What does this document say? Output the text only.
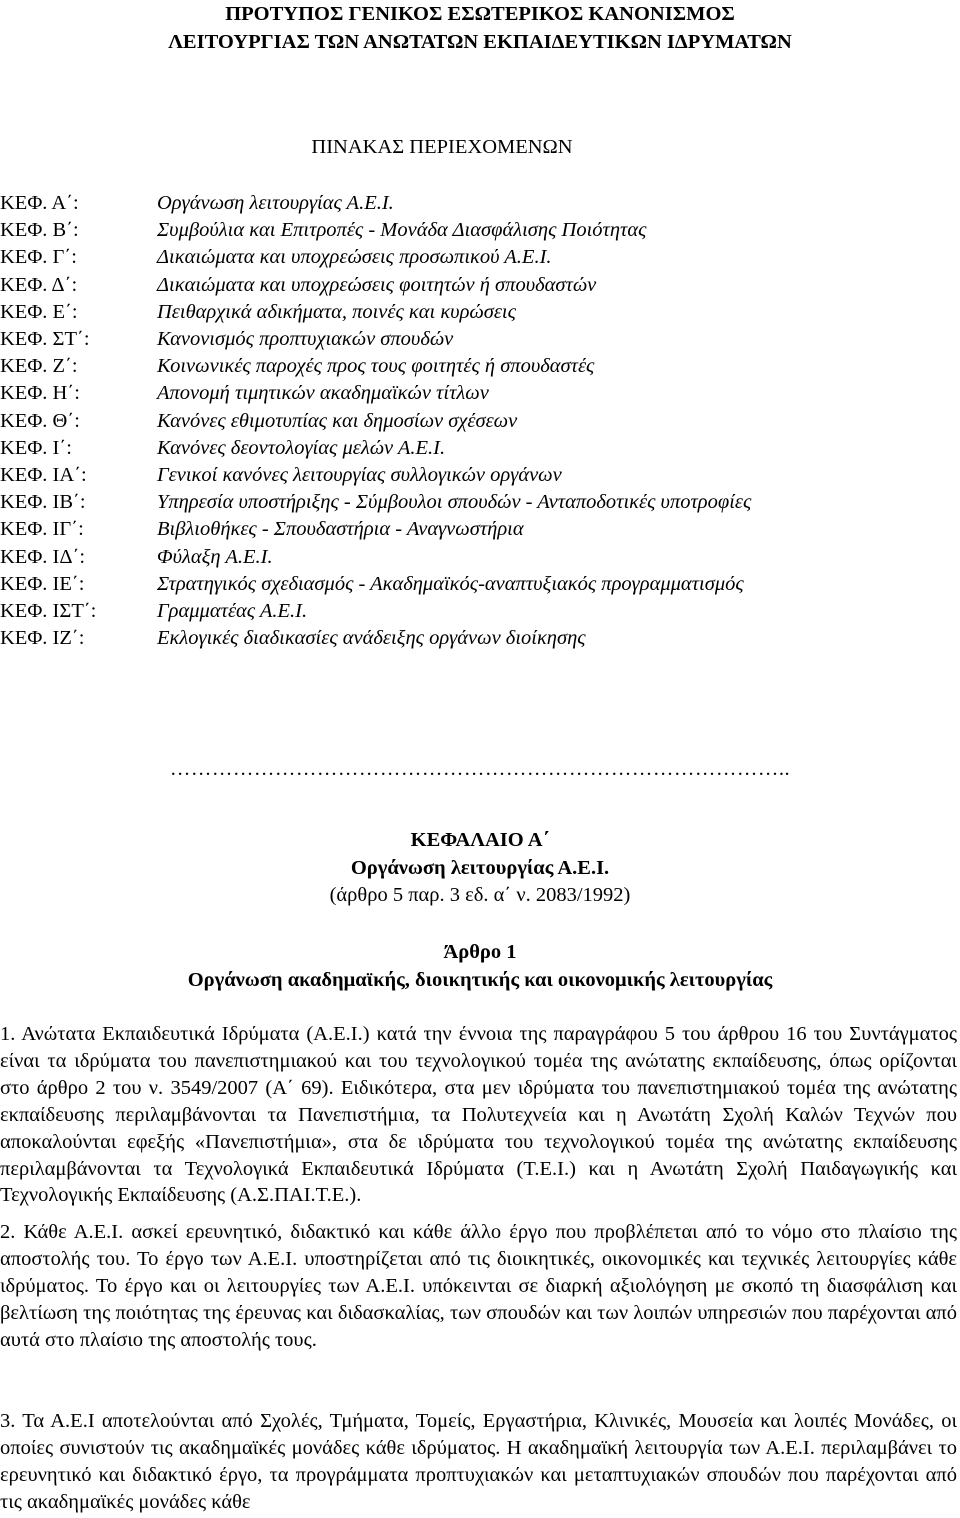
ΠΡΟΤΥΠΟΣ ΓΕΝΙΚΟΣ ΕΣΩΤΕΡΙΚΟΣ ΚΑΝΟΝΙΣΜΟΣ
ΛΕΙΤΟΥΡΓΙΑΣ ΤΩΝ ΑΝΩΤΑΤΩΝ ΕΚΠΑΙΔΕΥΤΙΚΩΝ ΙΔΡΥΜΑΤΩΝ
ΠΙΝΑΚΑΣ ΠΕΡΙΕΧΟΜΕΝΩΝ
ΚΕΦ. Α΄:	Οργάνωση λειτουργίας Α.Ε.Ι.
ΚΕΦ. Β΄:	Συμβούλια και Επιτροπές - Μονάδα Διασφάλισης Ποιότητας
ΚΕΦ. Γ΄:	Δικαιώματα και υποχρεώσεις προσωπικού Α.Ε.Ι.
ΚΕΦ. Δ΄:	Δικαιώματα και υποχρεώσεις φοιτητών ή σπουδαστών
ΚΕΦ. Ε΄:	Πειθαρχικά αδικήματα, ποινές και κυρώσεις
ΚΕΦ. ΣΤ΄:	Κανονισμός προπτυχιακών σπουδών
ΚΕΦ. Ζ΄:	Κοινωνικές παροχές προς τους φοιτητές ή σπουδαστές
ΚΕΦ. Η΄:	Απονομή τιμητικών ακαδημαϊκών τίτλων
ΚΕΦ. Θ΄:	Κανόνες εθιμοτυπίας και δημοσίων σχέσεων
ΚΕΦ. Ι΄:	Κανόνες δεοντολογίας μελών Α.Ε.Ι.
ΚΕΦ. ΙΑ΄:	Γενικοί κανόνες λειτουργίας συλλογικών οργάνων
ΚΕΦ. ΙΒ΄:	Υπηρεσία υποστήριξης - Σύμβουλοι σπουδών - Ανταποδοτικές υποτροφίες
ΚΕΦ. ΙΓ΄:	Βιβλιοθήκες - Σπουδαστήρια - Αναγνωστήρια
ΚΕΦ. ΙΔ΄:	Φύλαξη Α.Ε.Ι.
ΚΕΦ. ΙΕ΄:	Στρατηγικός σχεδιασμός - Ακαδημαϊκός-αναπτυξιακός προγραμματισμός
ΚΕΦ. ΙΣΤ΄:	Γραμματέας Α.Ε.Ι.
ΚΕΦ. ΙΖ΄:	Εκλογικές διαδικασίες ανάδειξης οργάνων διοίκησης
……………………………………………………………………………..
ΚΕΦΑΛΑΙΟ Α΄
Οργάνωση λειτουργίας Α.Ε.Ι.
(άρθρο 5 παρ. 3 εδ. α΄ ν. 2083/1992)
Άρθρο 1
Οργάνωση ακαδημαϊκής, διοικητικής και οικονομικής λειτουργίας
1. Ανώτατα Εκπαιδευτικά Ιδρύματα (Α.Ε.Ι.) κατά την έννοια της παραγράφου 5 του άρθρου 16 του Συντάγματος είναι τα ιδρύματα του πανεπιστημιακού και του τεχνολογικού τομέα της ανώτατης εκπαίδευσης, όπως ορίζονται στο άρθρο 2 του ν. 3549/2007 (Α΄ 69). Ειδικότερα, στα μεν ιδρύματα του πανεπιστημιακού τομέα της ανώτατης εκπαίδευσης περιλαμβάνονται τα Πανεπιστήμια, τα Πολυτεχνεία και η Ανωτάτη Σχολή Καλών Τεχνών που αποκαλούνται εφεξής «Πανεπιστήμια», στα δε ιδρύματα του τεχνολογικού τομέα της ανώτατης εκπαίδευσης περιλαμβάνονται τα Τεχνολογικά Εκπαιδευτικά Ιδρύματα (Τ.Ε.Ι.) και η Ανωτάτη Σχολή Παιδαγωγικής και Τεχνολογικής Εκπαίδευσης (Α.Σ.ΠΑΙ.Τ.Ε.).
2. Κάθε Α.Ε.Ι. ασκεί ερευνητικό, διδακτικό και κάθε άλλο έργο που προβλέπεται από το νόμο στο πλαίσιο της αποστολής του. Το έργο των Α.Ε.Ι. υποστηρίζεται από τις διοικητικές, οικονομικές και τεχνικές λειτουργίες κάθε ιδρύματος. Το έργο και οι λειτουργίες των Α.Ε.Ι. υπόκεινται σε διαρκή αξιολόγηση με σκοπό τη διασφάλιση και βελτίωση της ποιότητας της έρευνας και διδασκαλίας, των σπουδών και των λοιπών υπηρεσιών που παρέχονται από αυτά στο πλαίσιο της αποστολής τους.
3. Τα Α.Ε.Ι αποτελούνται από Σχολές, Τμήματα, Τομείς, Εργαστήρια, Κλινικές, Μουσεία και λοιπές Μονάδες, οι οποίες συνιστούν τις ακαδημαϊκές μονάδες κάθε ιδρύματος. Η ακαδημαϊκή λειτουργία των Α.Ε.Ι. περιλαμβάνει το ερευνητικό και διδακτικό έργο, τα προγράμματα προπτυχιακών και μεταπτυχιακών σπουδών που παρέχονται από τις ακαδημαϊκές μονάδες κάθε
